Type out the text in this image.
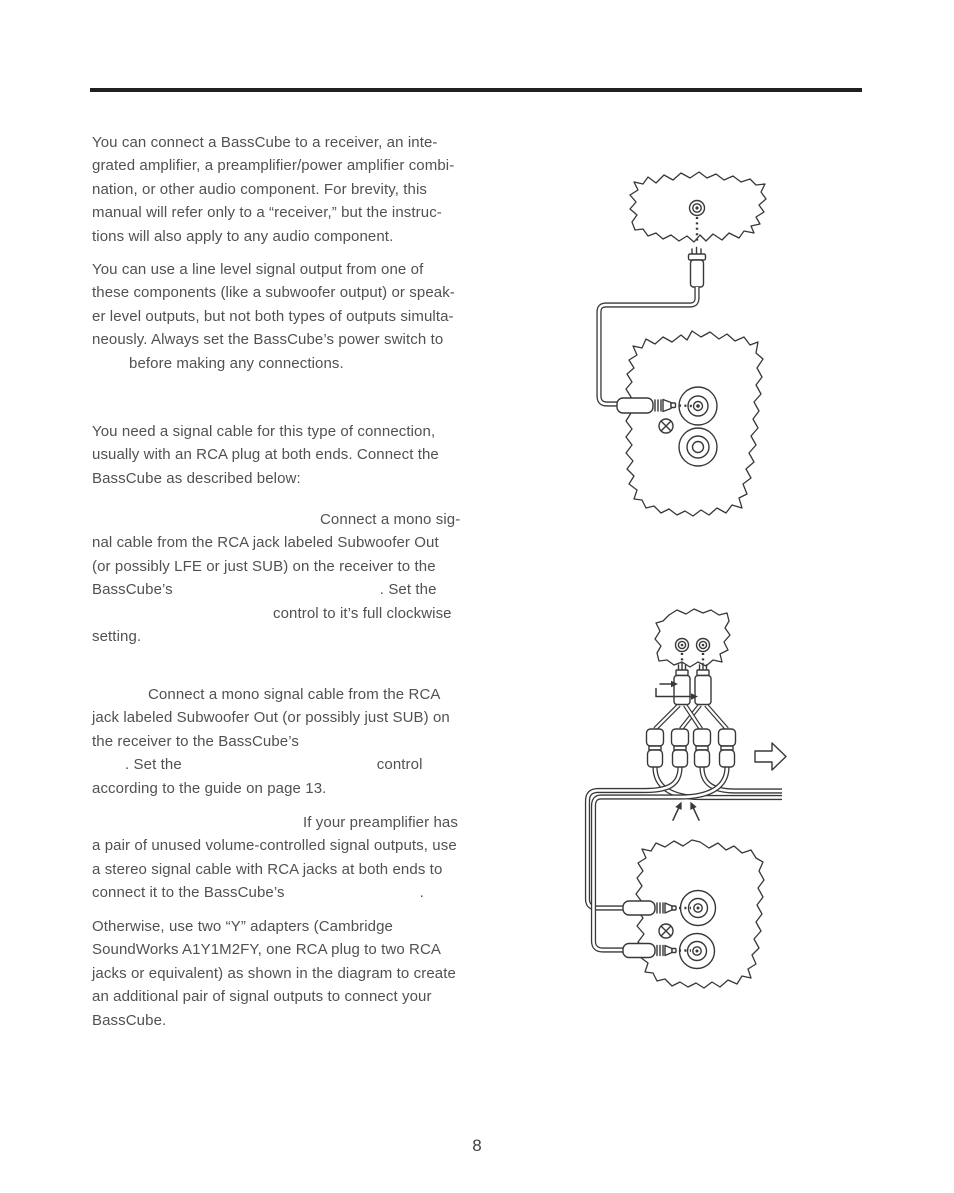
You can connect a BassCube to a receiver, an inte-
grated amplifier, a preamplifier/power amplifier combi-
nation, or other audio component. For brevity, this
manual will refer only to a “receiver,” but the instruc-
tions will also apply to any audio component.
You can use a line level signal output from one of
these components (like a subwoofer output) or speak-
er level outputs, but not both types of outputs simulta-
neously. Always set the BassCube’s power switch to
before making any connections.
You need a signal cable for this type of connection,
usually with an RCA plug at both ends. Connect the
BassCube as described below:
Connect a mono sig-
nal cable from the RCA jack labeled Subwoofer Out
(or possibly LFE or just SUB) on the receiver to the
BassCube’s	. Set the
control to it’s full clockwise
setting.
Connect a mono signal cable from the RCA
jack labeled Subwoofer Out (or possibly just SUB) on
the receiver to the BassCube’s
. Set the	control
according to the guide on page 13.
If your preamplifier has
a pair of unused volume-controlled signal outputs, use
a stereo signal cable with RCA jacks at both ends to
connect it to the BassCube’s	.
Otherwise, use two “Y” adapters (Cambridge
SoundWorks A1Y1M2FY, one RCA plug to two RCA
jacks or equivalent) as shown in the diagram to create
an additional pair of signal outputs to connect your
BassCube.
8
